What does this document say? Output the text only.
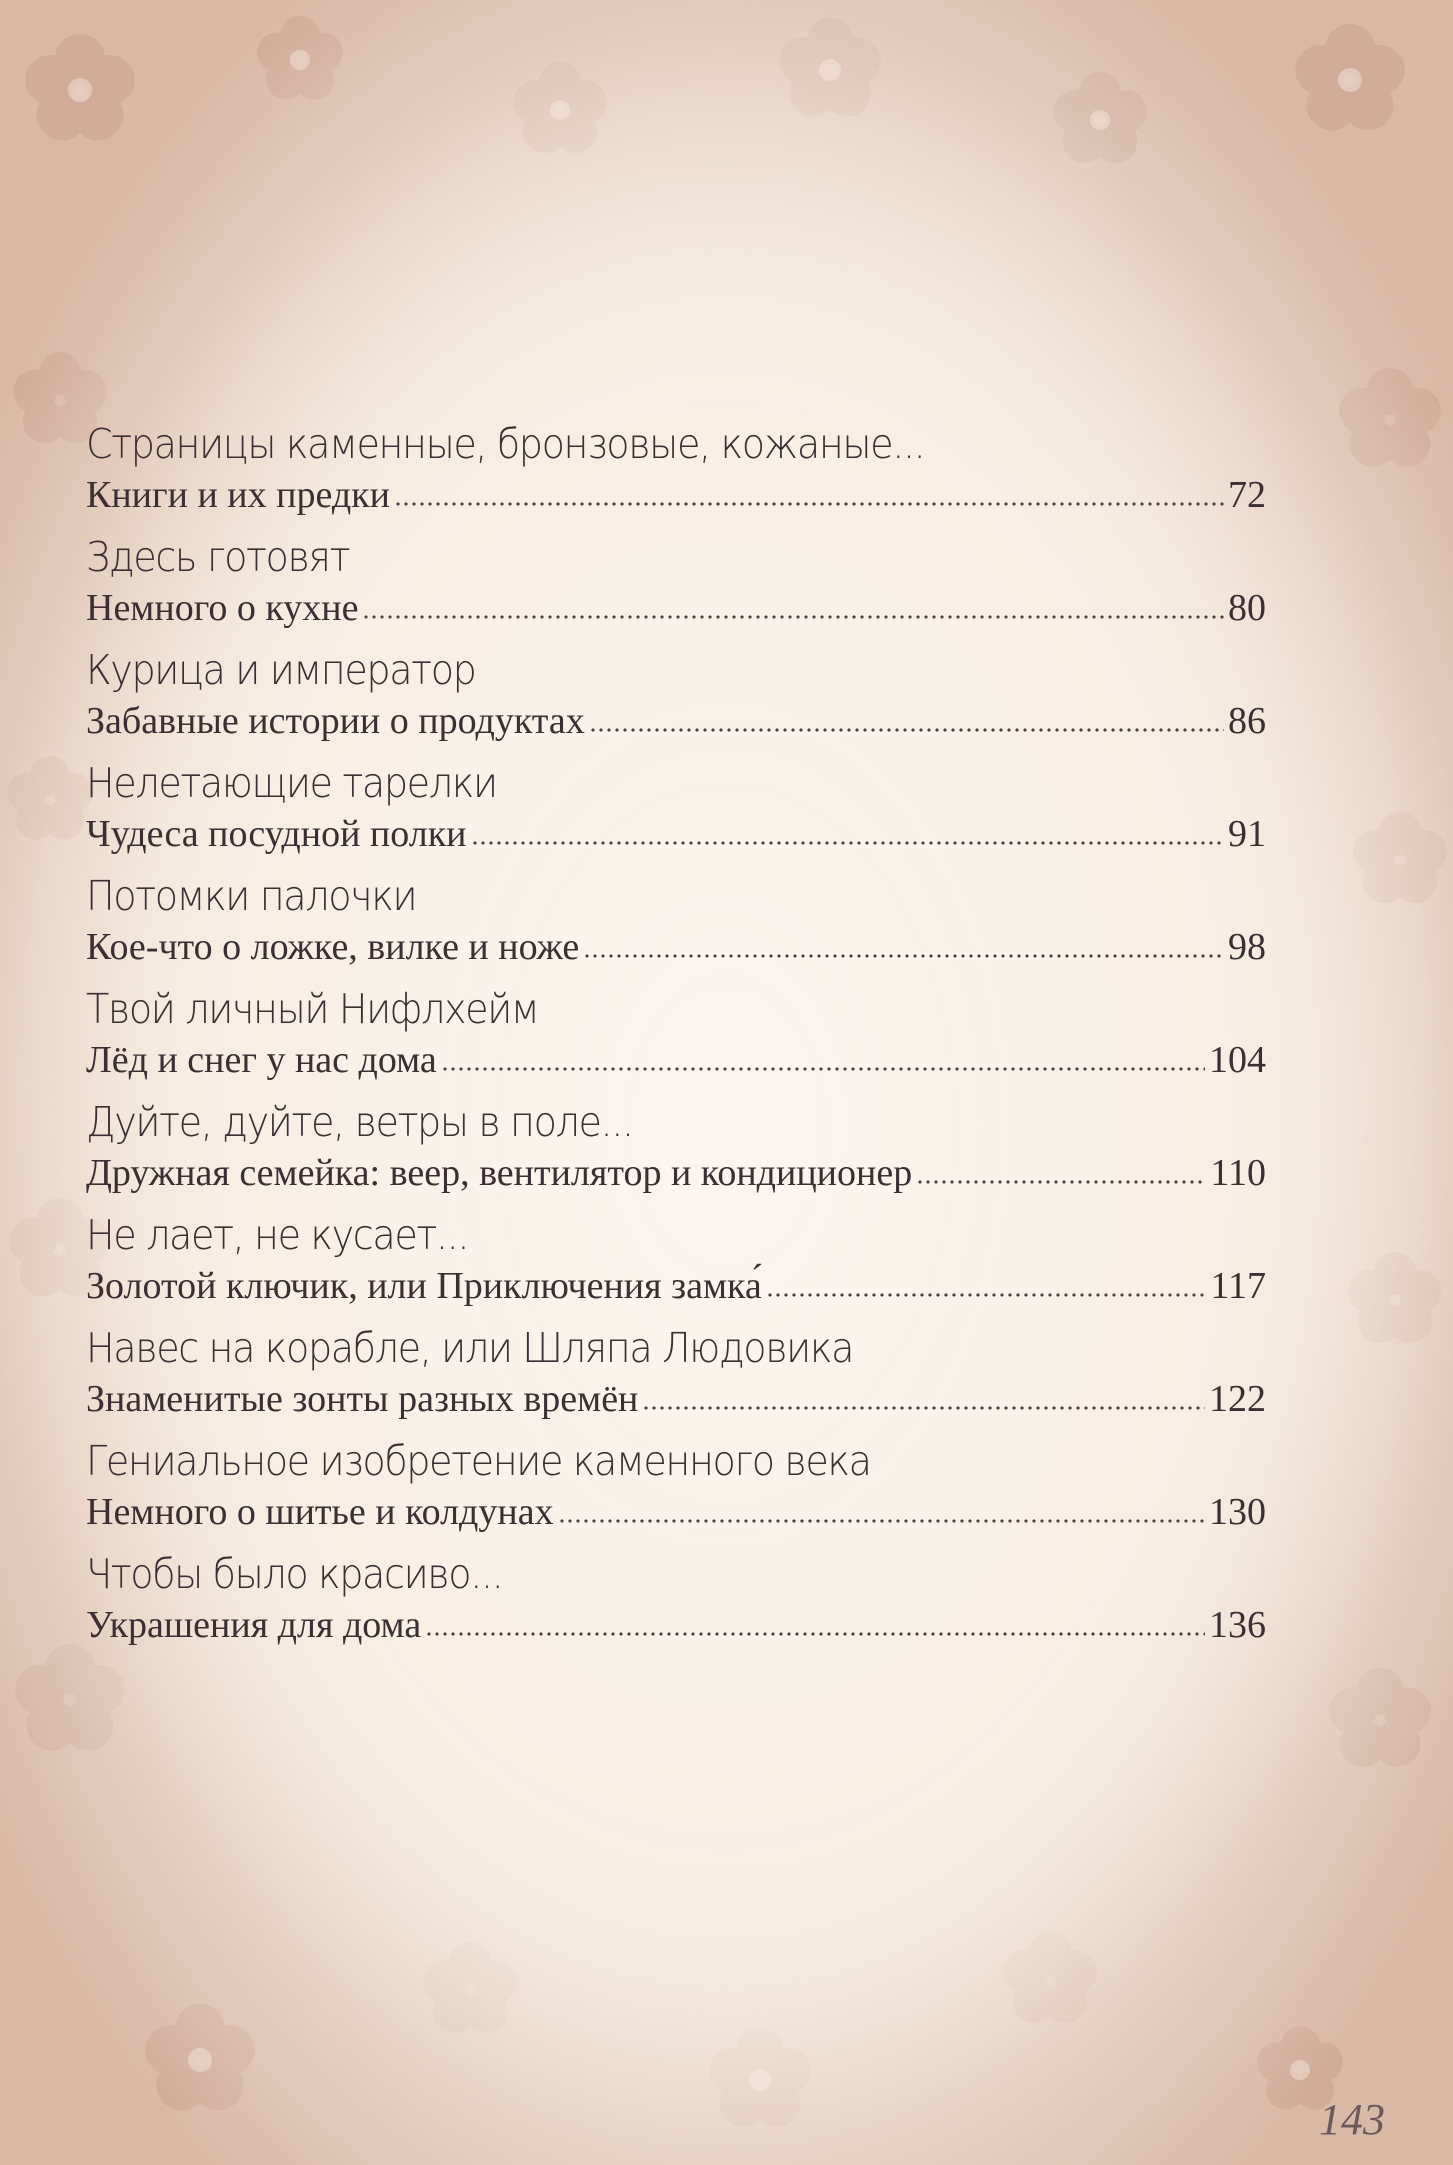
Страницы каменные, бронзовые, кожаные...
Книги и их предки	72
Здесь готовят
Немного о кухне	80
Курица и император
Забавные истории о продуктах	86
Нелетающие тарелки
Чудеса посудной полки	91
Потомки палочки
Кое-что о ложке, вилке и ноже	98
Твой личный Нифлхейм
Лёд и снег у нас дома	104
Дуйте, дуйте, ветры в поле...
Дружная семейка: веер, вентилятор и кондиционер	110
Не лает, не кусает...
Золотой ключик, или Приключения замка́	117
Навес на корабле, или Шляпа Людовика
Знаменитые зонты разных времён	122
Гениальное изобретение каменного века
Немного о шитье и колдунах	130
Чтобы было красиво...
Украшения для дома	136
143
